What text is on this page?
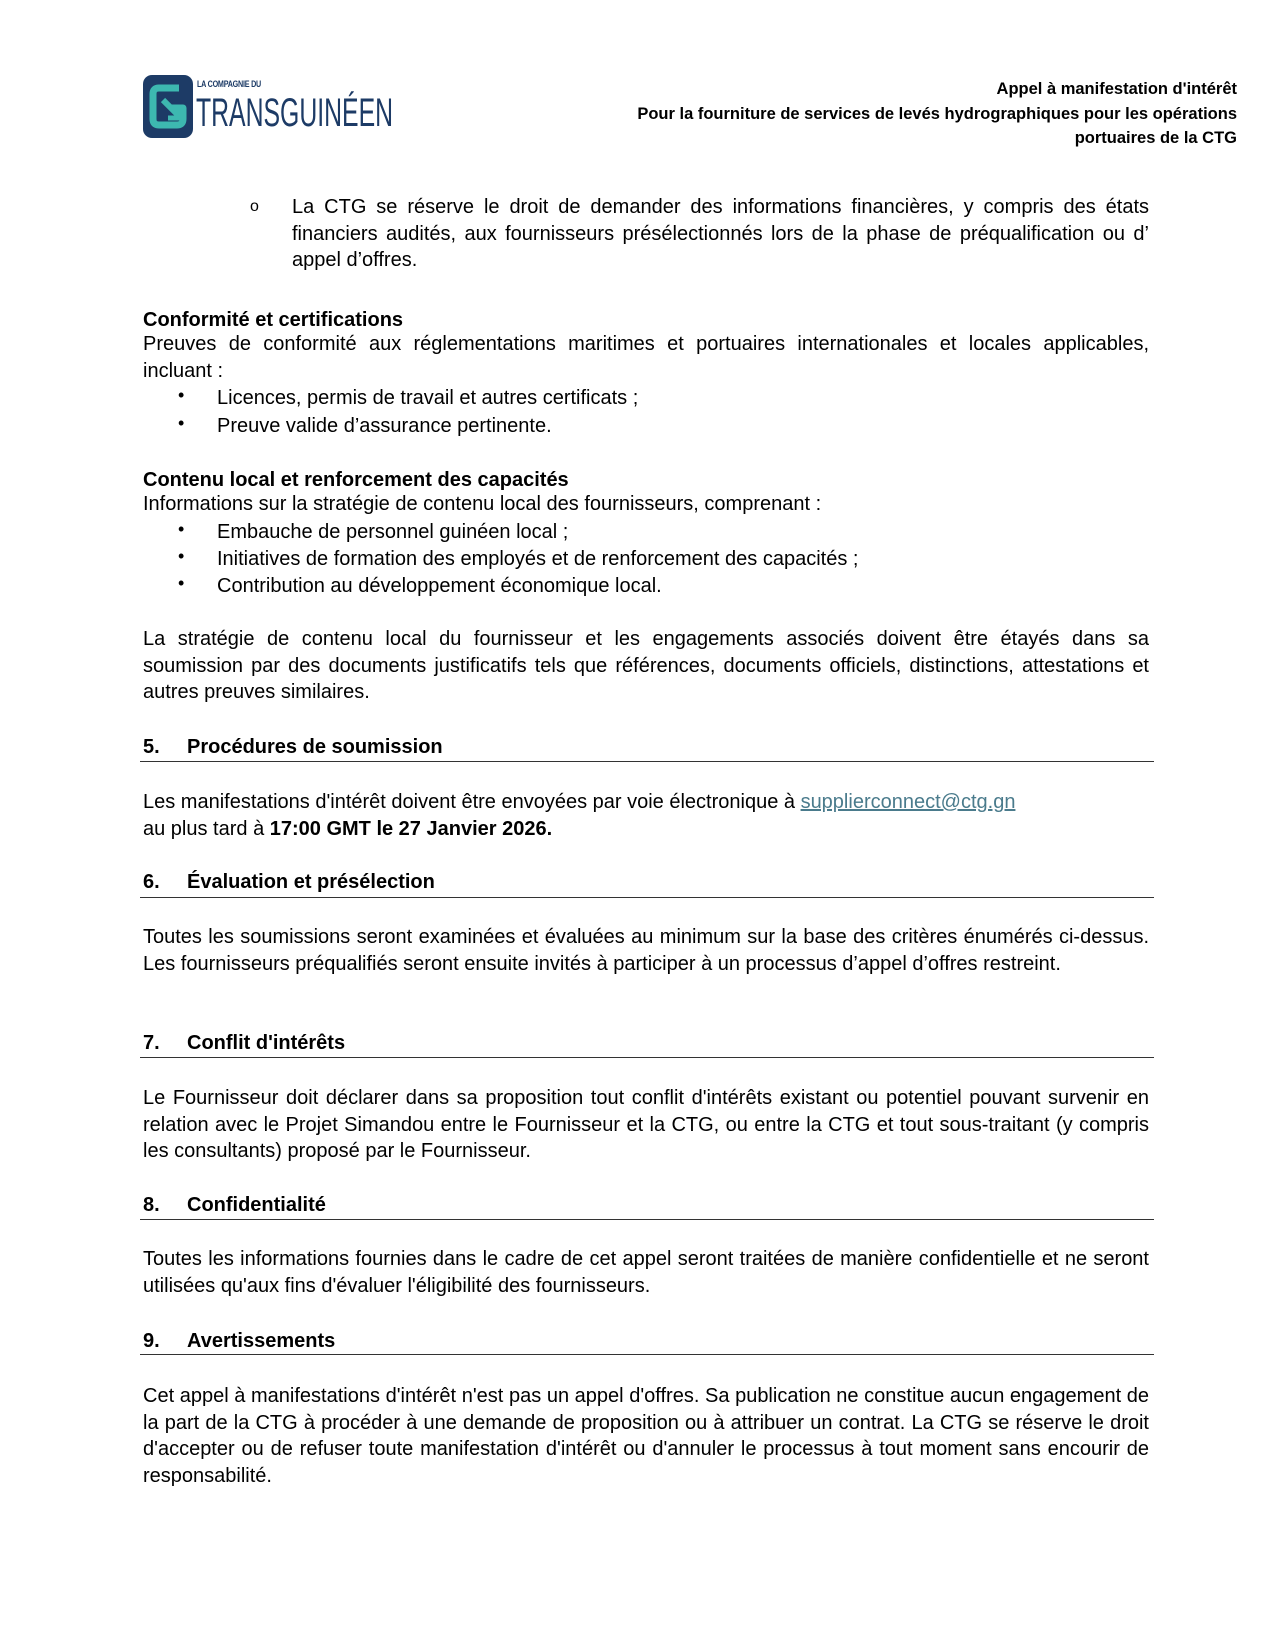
LA COMPAGNIE DU
TRANSGUINÉEN
Appel à manifestation d'intérêt
Pour la fourniture de services de levés hydrographiques pour les opérations
portuaires de la CTG
o La CTG se réserve le droit de demander des informations financières, y compris des états financiers audités, aux fournisseurs présélectionnés lors de la phase de préqualification ou d’ appel d’offres.
Conformité et certifications
Preuves de conformité aux réglementations maritimes et portuaires internationales et locales applicables, incluant :
• Licences, permis de travail et autres certificats ;
• Preuve valide d’assurance pertinente.
Contenu local et renforcement des capacités
Informations sur la stratégie de contenu local des fournisseurs, comprenant :
• Embauche de personnel guinéen local ;
• Initiatives de formation des employés et de renforcement des capacités ;
• Contribution au développement économique local.
La stratégie de contenu local du fournisseur et les engagements associés doivent être étayés dans sa soumission par des documents justificatifs tels que références, documents officiels, distinctions, attestations et autres preuves similaires.
5. Procédures de soumission
Les manifestations d'intérêt doivent être envoyées par voie électronique à supplierconnect@ctg.gn
au plus tard à 17:00 GMT le 27 Janvier 2026.
6. Évaluation et présélection
Toutes les soumissions seront examinées et évaluées au minimum sur la base des critères énumérés ci-dessus. Les fournisseurs préqualifiés seront ensuite invités à participer à un processus d’appel d’offres restreint.
7. Conflit d'intérêts
Le Fournisseur doit déclarer dans sa proposition tout conflit d'intérêts existant ou potentiel pouvant survenir en relation avec le Projet Simandou entre le Fournisseur et la CTG, ou entre la CTG et tout sous-traitant (y compris les consultants) proposé par le Fournisseur.
8. Confidentialité
Toutes les informations fournies dans le cadre de cet appel seront traitées de manière confidentielle et ne seront utilisées qu'aux fins d'évaluer l'éligibilité des fournisseurs.
9. Avertissements
Cet appel à manifestations d'intérêt n'est pas un appel d'offres. Sa publication ne constitue aucun engagement de la part de la CTG à procéder à une demande de proposition ou à attribuer un contrat. La CTG se réserve le droit d'accepter ou de refuser toute manifestation d'intérêt ou d'annuler le processus à tout moment sans encourir de responsabilité.
